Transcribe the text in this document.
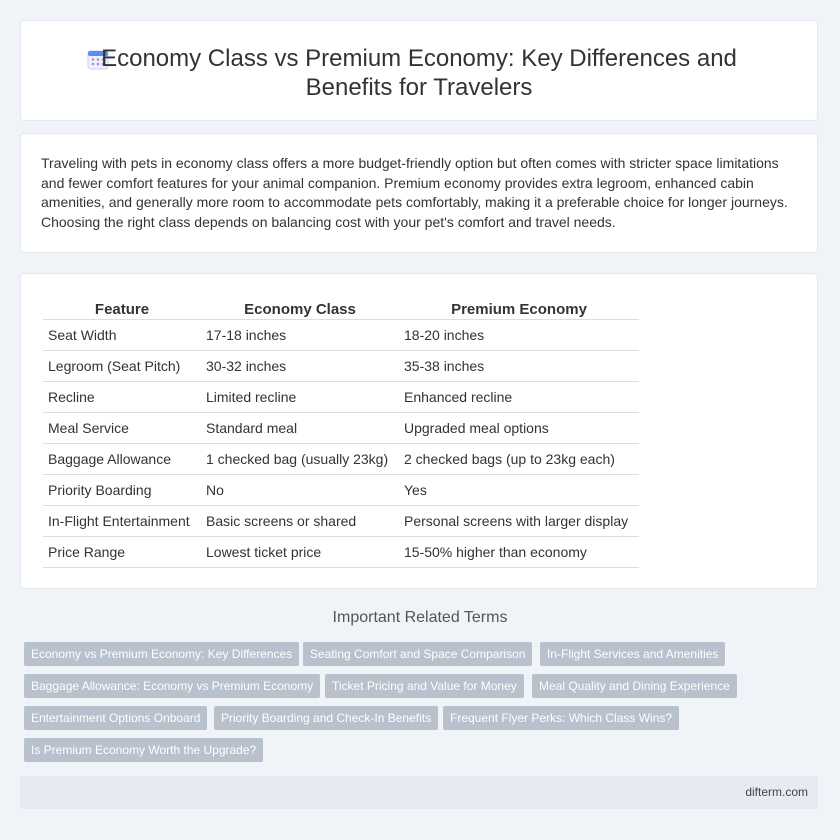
Economy Class vs Premium Economy: Key Differences and
Benefits for Travelers
Traveling with pets in economy class offers a more budget-friendly option but often comes with stricter space limitations and fewer comfort features for your animal companion. Premium economy provides extra legroom, enhanced cabin amenities, and generally more room to accommodate pets comfortably, making it a preferable choice for longer journeys. Choosing the right class depends on balancing cost with your pet's comfort and travel needs.
Feature	Economy Class	Premium Economy
Seat Width	17-18 inches	18-20 inches
Legroom (Seat Pitch)	30-32 inches	35-38 inches
Recline	Limited recline	Enhanced recline
Meal Service	Standard meal	Upgraded meal options
Baggage Allowance	1 checked bag (usually 23kg)	2 checked bags (up to 23kg each)
Priority Boarding	No	Yes
In-Flight Entertainment	Basic screens or shared	Personal screens with larger display
Price Range	Lowest ticket price	15-50% higher than economy
Important Related Terms
Economy vs Premium Economy: Key Differences	Seating Comfort and Space Comparison	In-Flight Services and Amenities
Baggage Allowance: Economy vs Premium Economy	Ticket Pricing and Value for Money	Meal Quality and Dining Experience
Entertainment Options Onboard	Priority Boarding and Check-In Benefits	Frequent Flyer Perks: Which Class Wins?
Is Premium Economy Worth the Upgrade?
difterm.com
